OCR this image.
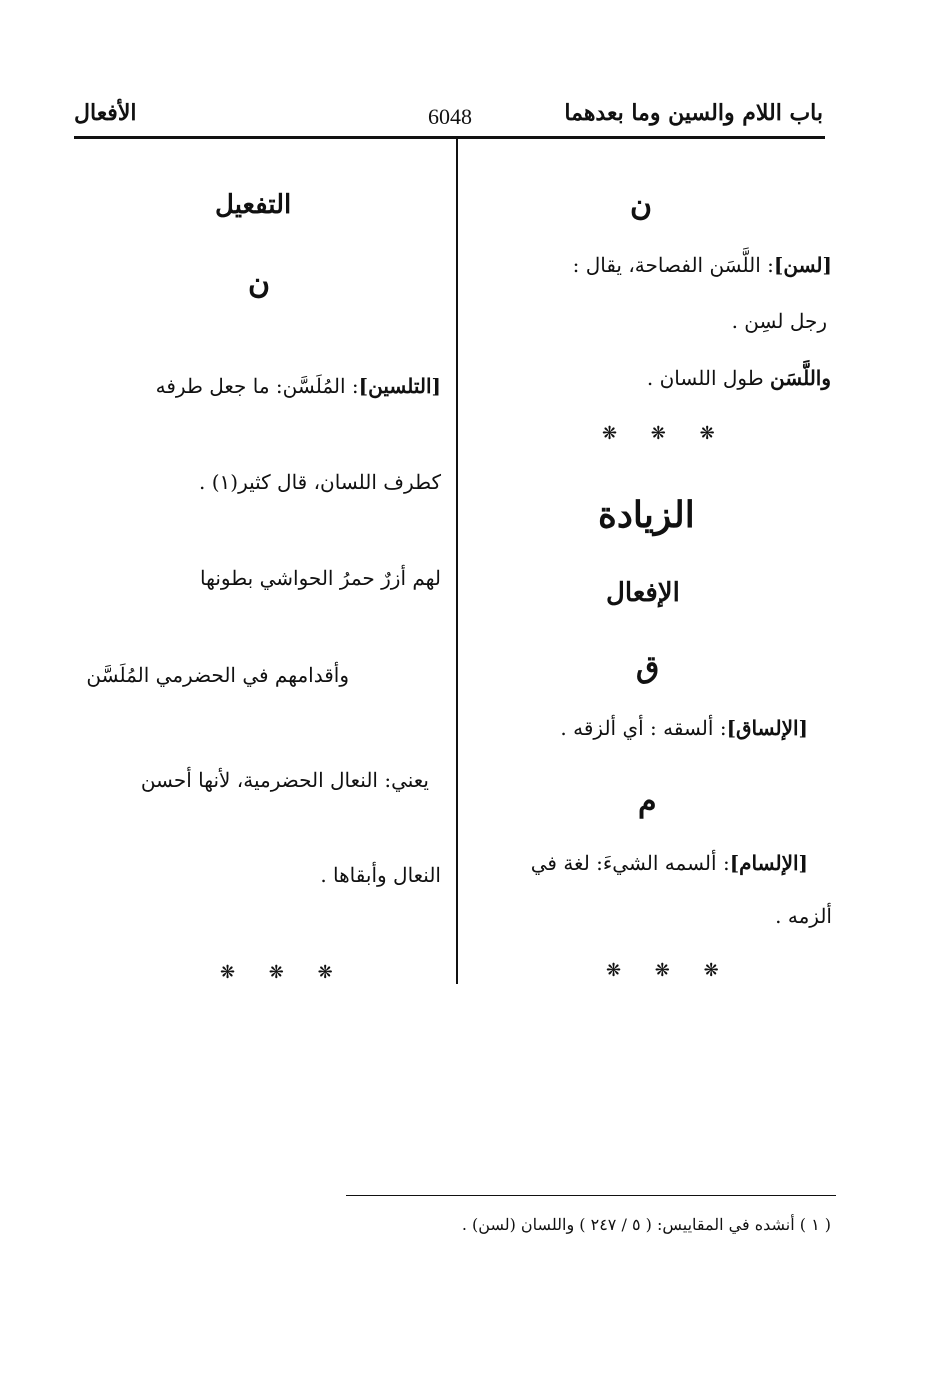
باب اللام والسين وما بعدهما
6048
الأفعال
ن
[لسن]: اللَّسَن الفصاحة، يقال :
رجل لسِن .
واللَّسَن طول اللسان .
❋ ❋ ❋
الزيادة
الإفعال
ق
[الإلساق]: ألسقه : أي ألزقه .
م
[الإلسام]: ألسمه الشيءَ: لغة في
ألزمه .
❋ ❋ ❋
التفعيل
ن
[التلسين]: المُلَسَّن: ما جعل طرفه
كطرف اللسان، قال كثير(١) .
لهم أزرٌ حمرُ الحواشي بطونها
وأقدامهم في الحضرمي المُلَسَّن
يعني: النعال الحضرمية، لأنها أحسن
النعال وأبقاها .
❋ ❋ ❋
( ١ ) أنشده في المقاييس: ( ٥ / ٢٤٧ ) واللسان (لسن) .
